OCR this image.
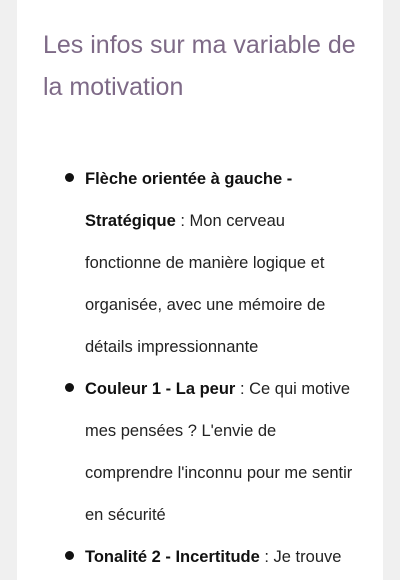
Les infos sur ma variable de la motivation
Flèche orientée à gauche - Stratégique : Mon cerveau fonctionne de manière logique et organisée, avec une mémoire de détails impressionnante
Couleur 1 - La peur : Ce qui motive mes pensées ? L'envie de comprendre l'inconnu pour me sentir en sécurité
Tonalité 2 - Incertitude : Je trouve
